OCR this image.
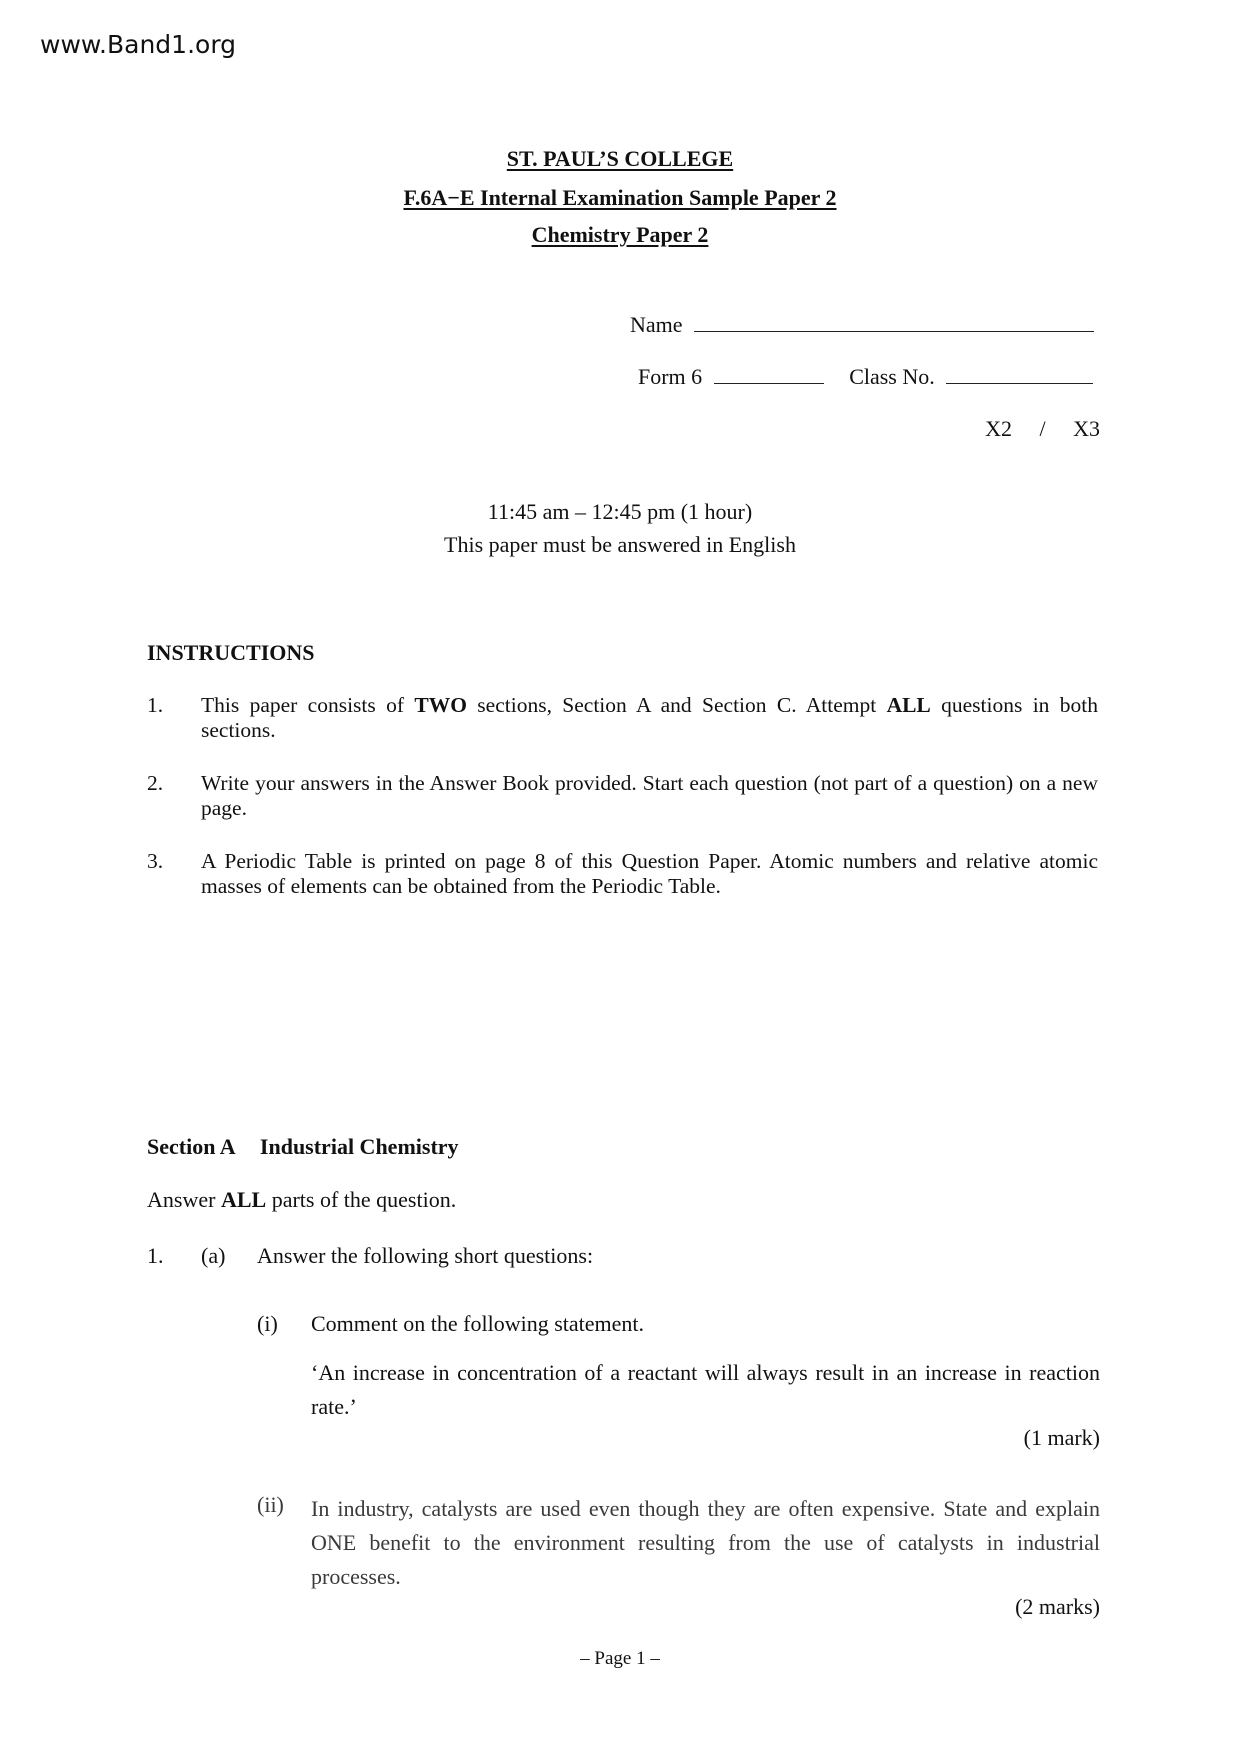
www.Band1.org
ST. PAUL’S COLLEGE
F.6A−E Internal Examination Sample Paper 2
Chemistry Paper 2
Name
Form 6	Class No.
X2 / X3
11:45 am – 12:45 pm (1 hour)
This paper must be answered in English
INSTRUCTIONS
1. This paper consists of TWO sections, Section A and Section C. Attempt ALL questions in both sections.
2. Write your answers in the Answer Book provided. Start each question (not part of a question) on a new page.
3. A Periodic Table is printed on page 8 of this Question Paper. Atomic numbers and relative atomic masses of elements can be obtained from the Periodic Table.
Section A Industrial Chemistry
Answer ALL parts of the question.
1. (a) Answer the following short questions:
(i) Comment on the following statement.
‘An increase in concentration of a reactant will always result in an increase in reaction rate.’
(1 mark)
(ii) In industry, catalysts are used even though they are often expensive. State and explain ONE benefit to the environment resulting from the use of catalysts in industrial processes.
(2 marks)
– Page 1 –
